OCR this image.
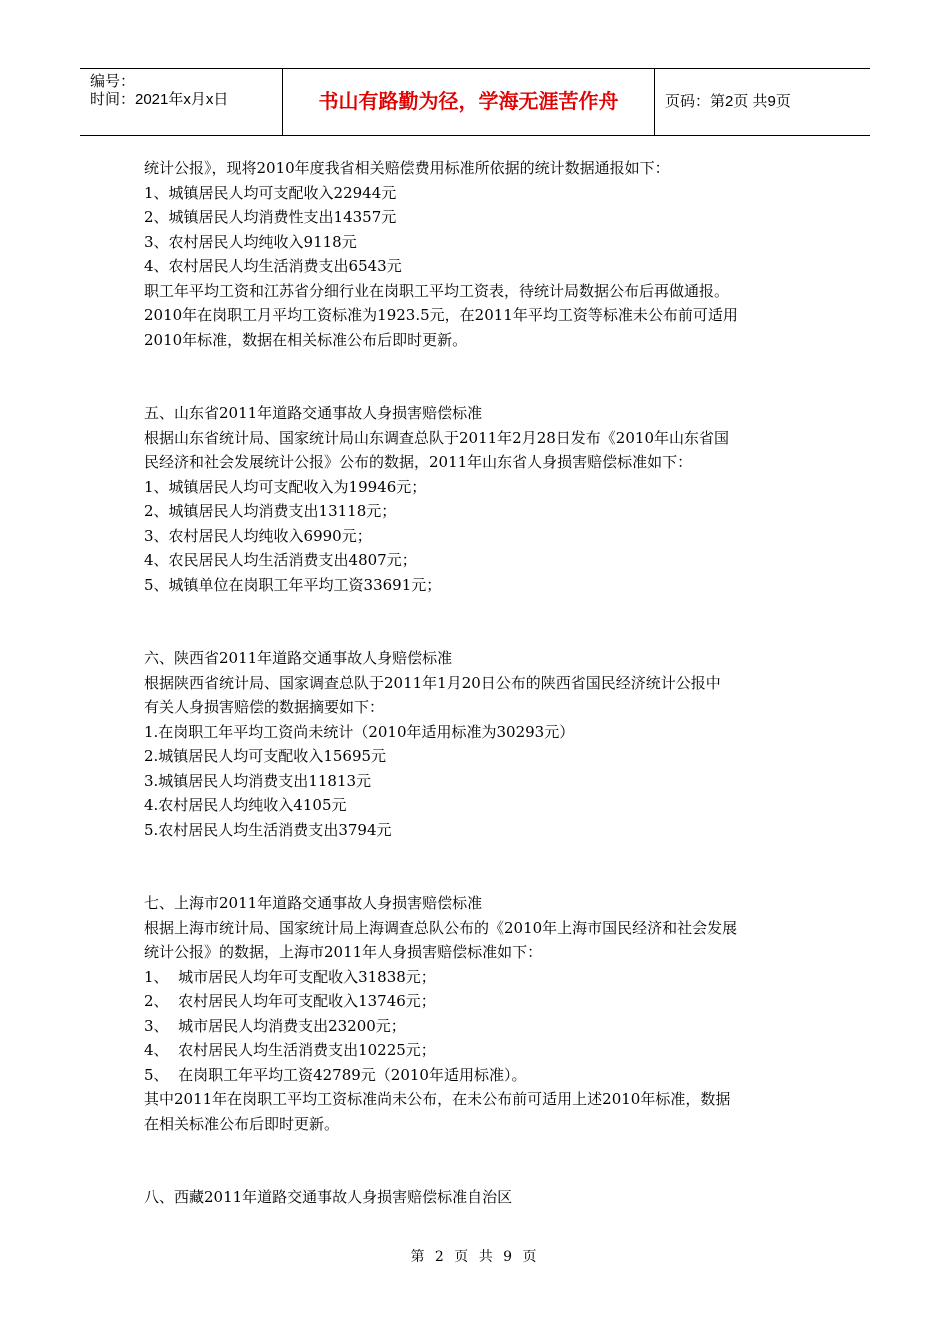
编号：
时间：2021年x月x日	书山有路勤为径，学海无涯苦作舟	页码：第2页 共9页
统计公报》，现将2010年度我省相关赔偿费用标准所依据的统计数据通报如下：
1、城镇居民人均可支配收入22944元
2、城镇居民人均消费性支出14357元
3、农村居民人均纯收入9118元
4、农村居民人均生活消费支出6543元
职工年平均工资和江苏省分细行业在岗职工平均工资表，待统计局数据公布后再做通报。
2010年在岗职工月平均工资标准为1923.5元，在2011年平均工资等标准未公布前可适用
2010年标准，数据在相关标准公布后即时更新。
五、山东省2011年道路交通事故人身损害赔偿标准
根据山东省统计局、国家统计局山东调查总队于2011年2月28日发布《2010年山东省国
民经济和社会发展统计公报》公布的数据，2011年山东省人身损害赔偿标准如下：
1、城镇居民人均可支配收入为19946元；
2、城镇居民人均消费支出13118元；
3、农村居民人均纯收入6990元；
4、农民居民人均生活消费支出4807元；
5、城镇单位在岗职工年平均工资33691元；
六、陕西省2011年道路交通事故人身赔偿标准
根据陕西省统计局、国家调查总队于2011年1月20日公布的陕西省国民经济统计公报中
有关人身损害赔偿的数据摘要如下：
1.在岗职工年平均工资尚未统计（2010年适用标准为30293元）
2.城镇居民人均可支配收入15695元
3.城镇居民人均消费支出11813元
4.农村居民人均纯收入4105元
5.农村居民人均生活消费支出3794元
七、上海市2011年道路交通事故人身损害赔偿标准
根据上海市统计局、国家统计局上海调查总队公布的《2010年上海市国民经济和社会发展
统计公报》的数据，上海市2011年人身损害赔偿标准如下：
1、  城市居民人均年可支配收入31838元；
2、  农村居民人均年可支配收入13746元；
3、  城市居民人均消费支出23200元；
4、  农村居民人均生活消费支出10225元；
5、  在岗职工年平均工资42789元（2010年适用标准）。
其中2011年在岗职工平均工资标准尚未公布，在未公布前可适用上述2010年标准，数据
在相关标准公布后即时更新。
八、西藏2011年道路交通事故人身损害赔偿标准自治区
第 2 页 共 9 页
